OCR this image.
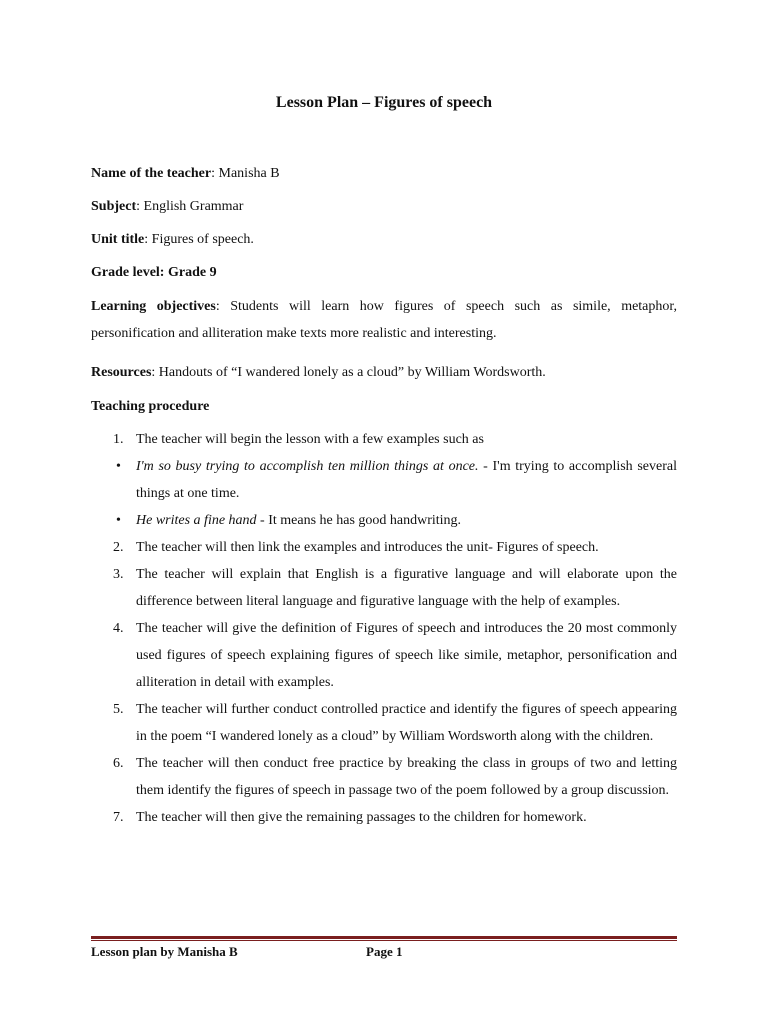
Lesson Plan – Figures of speech
Name of the teacher: Manisha B
Subject: English Grammar
Unit title: Figures of speech.
Grade level: Grade 9
Learning objectives: Students will learn how figures of speech such as simile, metaphor, personification and alliteration make texts more realistic and interesting.
Resources: Handouts of “I wandered lonely as a cloud” by William Wordsworth.
Teaching procedure
1. The teacher will begin the lesson with a few examples such as
• I'm so busy trying to accomplish ten million things at once. - I'm trying to accomplish several things at one time.
• He writes a fine hand - It means he has good handwriting.
2. The teacher will then link the examples and introduces the unit- Figures of speech.
3. The teacher will explain that English is a figurative language and will elaborate upon the difference between literal language and figurative language with the help of examples.
4. The teacher will give the definition of Figures of speech and introduces the 20 most commonly used figures of speech explaining figures of speech like simile, metaphor, personification and alliteration in detail with examples.
5. The teacher will further conduct controlled practice and identify the figures of speech appearing in the poem “I wandered lonely as a cloud” by William Wordsworth along with the children.
6. The teacher will then conduct free practice by breaking the class in groups of two and letting them identify the figures of speech in passage two of the poem followed by a group discussion.
7. The teacher will then give the remaining passages to the children for homework.
Lesson plan by Manisha B	Page 1
